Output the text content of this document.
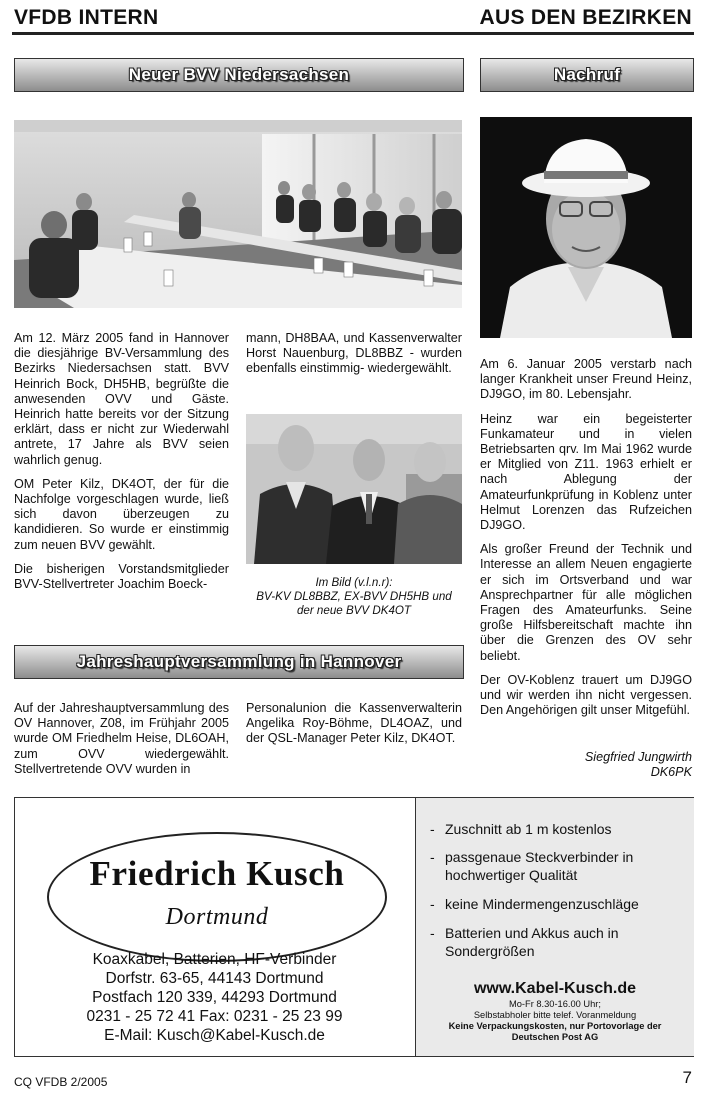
VFDB INTERN	AUS DEN BEZIRKEN
Neuer BVV Niedersachsen	Nachruf

Am 12. März 2005 fand in Hannover die diesjährige BV-Versammlung des Bezirks Niedersachsen statt. BVV Heinrich Bock, DH5HB, begrüßte die anwesenden OVV und Gäste. Heinrich hatte bereits vor der Sitzung erklärt, dass er nicht zur Wiederwahl antrete, 17 Jahre als BVV seien wahrlich genug.

OM Peter Kilz, DK4OT, der für die Nachfolge vorgeschlagen wurde, ließ sich davon überzeugen zu kandidieren. So wurde er einstimmig zum neuen BVV gewählt.

Die bisherigen Vorstandsmitglieder BVV-Stellvertreter Joachim Boeck-

mann, DH8BAA, und Kassenverwalter Horst Nauenburg, DL8BBZ - wurden ebenfalls einstimmig- wiedergewählt.

Im Bild (v.l.n.r):
BV-KV DL8BBZ, EX-BVV DH5HB und
der neue BVV DK4OT
Jahreshauptversammlung in Hannover

Auf der Jahreshauptversammlung des OV Hannover, Z08, im Frühjahr 2005 wurde OM Friedhelm Heise, DL6OAH, zum OVV wiedergewählt. Stellvertretende OVV wurden in

Personalunion die Kassenverwalterin Angelika Roy-Böhme, DL4OAZ, und der QSL-Manager Peter Kilz, DK4OT.

Am 6. Januar 2005 verstarb nach langer Krankheit unser Freund Heinz, DJ9GO, im 80. Lebensjahr.

Heinz war ein begeisterter Funkamateur und in vielen Betriebsarten qrv. Im Mai 1962 wurde er Mitglied von Z11. 1963 erhielt er nach Ablegung der Amateurfunkprüfung in Koblenz unter Helmut Lorenzen das Rufzeichen DJ9GO.

Als großer Freund der Technik und Interesse an allem Neuen engagierte er sich im Ortsverband und war Ansprechpartner für alle möglichen Fragen des Amateurfunks. Seine große Hilfsbereitschaft machte ihn über die Grenzen des OV sehr beliebt.

Der OV-Koblenz trauert um DJ9GO und wir werden ihn nicht vergessen. Den Angehörigen gilt unser Mitgefühl.

Siegfried Jungwirth
DK6PK
Friedrich Kusch
Dortmund
Koaxkabel, Batterien, HF-Verbinder
Dorfstr. 63-65, 44143 Dortmund
Postfach 120 339, 44293 Dortmund
0231 - 25 72 41 Fax: 0231 - 25 23 99
E-Mail: Kusch@Kabel-Kusch.de
- Zuschnitt ab 1 m kostenlos
- passgenaue Steckverbinder in hochwertiger Qualität
- keine Mindermengenzuschläge
- Batterien und Akkus auch in Sondergrößen
www.Kabel-Kusch.de
Mo-Fr 8.30-16.00 Uhr;
Selbstabholer bitte telef. Voranmeldung
Keine Verpackungskosten, nur Portovorlage der
Deutschen Post AG
CQ VFDB 2/2005	7
